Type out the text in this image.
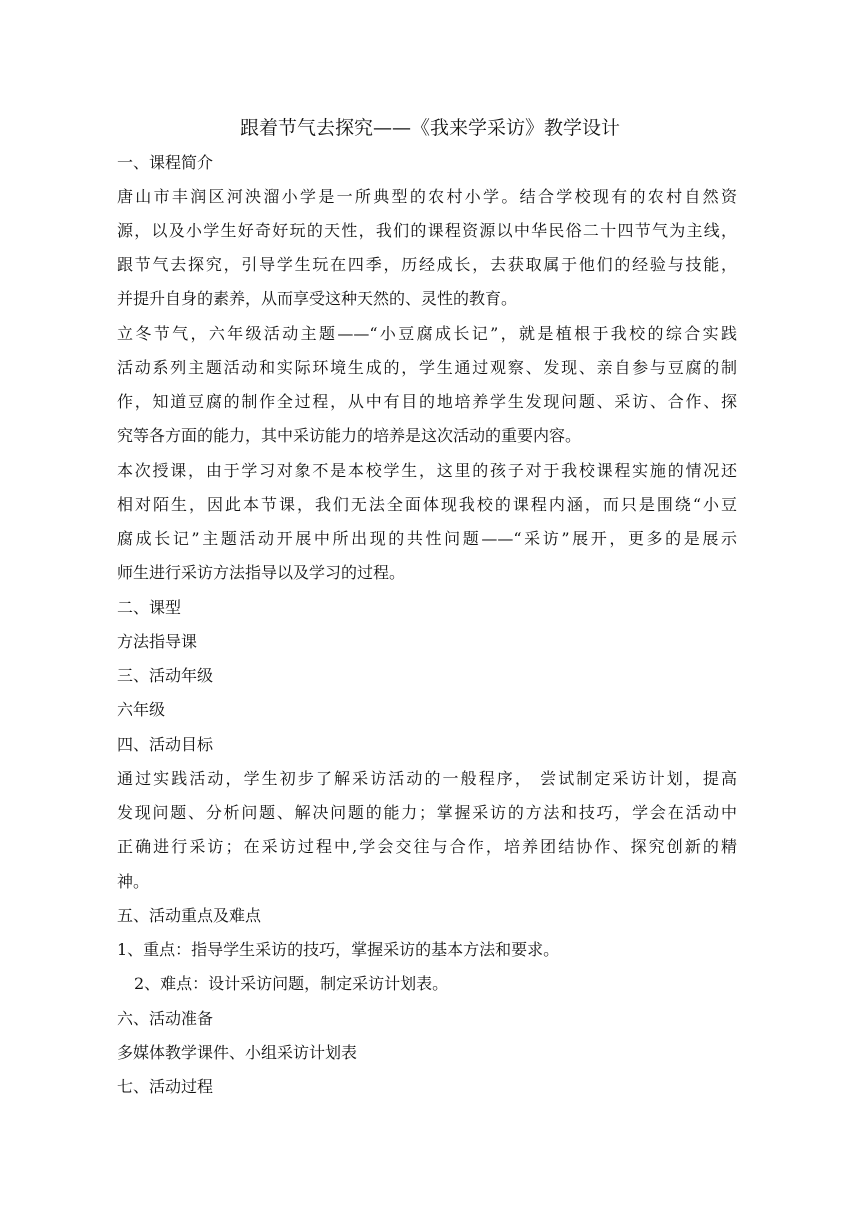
跟着节气去探究——《我来学采访》教学设计
一、课程简介
唐山市丰润区河泱溜小学是一所典型的农村小学。结合学校现有的农村自然资
源，以及小学生好奇好玩的天性，我们的课程资源以中华民俗二十四节气为主线，
跟节气去探究，引导学生玩在四季，历经成长，去获取属于他们的经验与技能，
并提升自身的素养，从而享受这种天然的、灵性的教育。
立冬节气，六年级活动主题——“小豆腐成长记”，就是植根于我校的综合实践
活动系列主题活动和实际环境生成的，学生通过观察、发现、亲自参与豆腐的制
作，知道豆腐的制作全过程，从中有目的地培养学生发现问题、采访、合作、探
究等各方面的能力，其中采访能力的培养是这次活动的重要内容。
本次授课，由于学习对象不是本校学生，这里的孩子对于我校课程实施的情况还
相对陌生，因此本节课，我们无法全面体现我校的课程内涵，而只是围绕“小豆
腐成长记”主题活动开展中所出现的共性问题——“采访”展开，更多的是展示
师生进行采访方法指导以及学习的过程。
二、课型
方法指导课
三、活动年级
六年级
四、活动目标
通过实践活动，学生初步了解采访活动的一般程序， 尝试制定采访计划，提高
发现问题、分析问题、解决问题的能力；掌握采访的方法和技巧，学会在活动中
正确进行采访；在采访过程中,学会交往与合作，培养团结协作、探究创新的精
神。
五、活动重点及难点
1、重点：指导学生采访的技巧，掌握采访的基本方法和要求。
2、难点：设计采访问题，制定采访计划表。
六、活动准备
多媒体教学课件、小组采访计划表
七、活动过程
